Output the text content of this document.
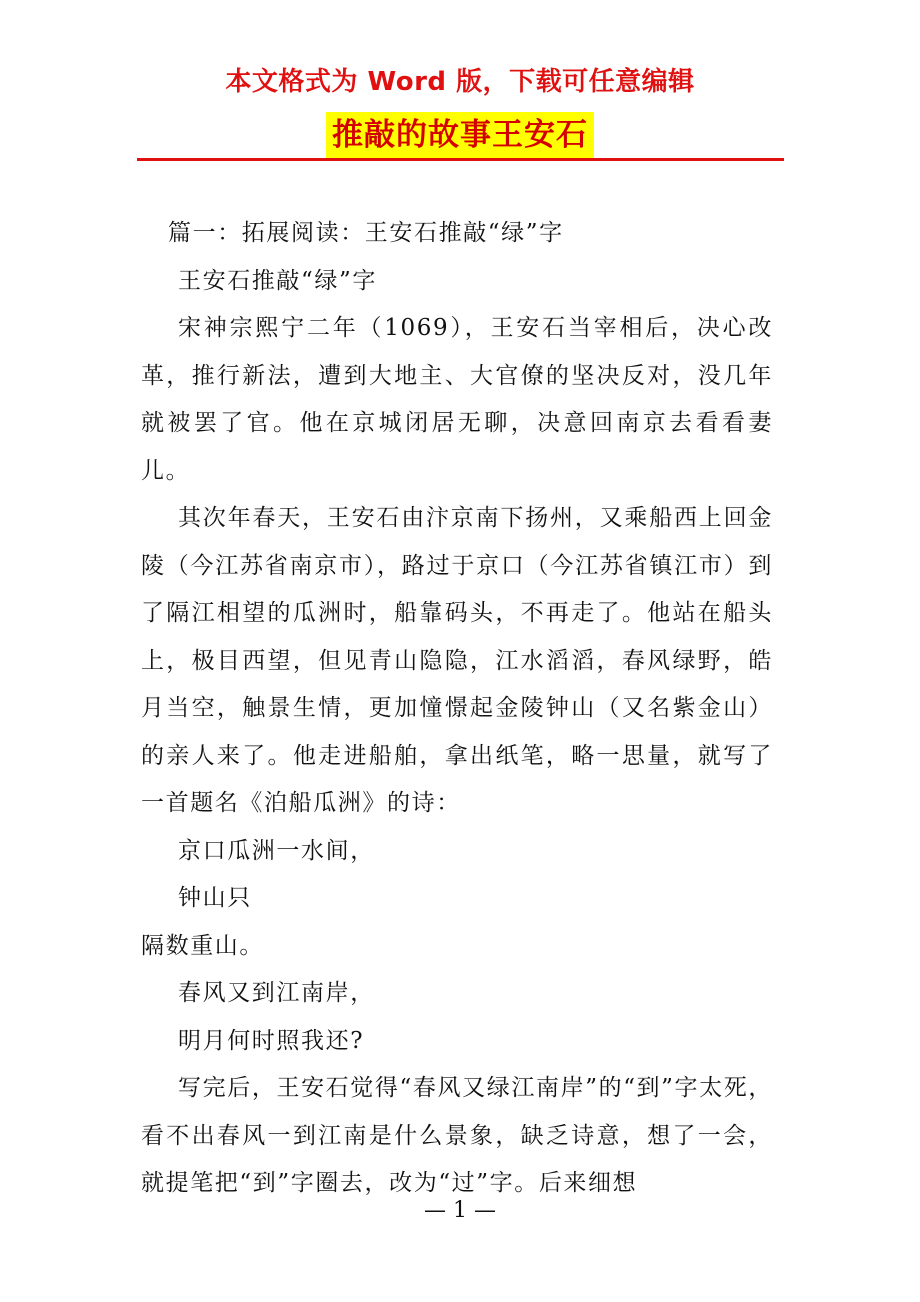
本文格式为 Word 版，下载可任意编辑
推敲的故事王安石

篇一：拓展阅读：王安石推敲“绿”字

王安石推敲“绿”字

宋神宗熙宁二年（1069），王安石当宰相后，决心改革，推行新法，遭到大地主、大官僚的坚决反对，没几年就被罢了官。他在京城闭居无聊，决意回南京去看看妻儿。

其次年春天，王安石由汴京南下扬州，又乘船西上回金陵（今江苏省南京市），路过于京口（今江苏省镇江市）到了隔江相望的瓜洲时，船靠码头，不再走了。他站在船头上，极目西望，但见青山隐隐，江水滔滔，春风绿野，皓月当空，触景生情，更加憧憬起金陵钟山（又名紫金山）的亲人来了。他走进船舶，拿出纸笔，略一思量，就写了一首题名《泊船瓜洲》的诗：

京口瓜洲一水间，

钟山只

隔数重山。

春风又到江南岸，

明月何时照我还?

写完后，王安石觉得“春风又绿江南岸”的“到”字太死，看不出春风一到江南是什么景象，缺乏诗意，想了一会，就提笔把“到”字圈去，改为“过”字。后来细想

— 1 —
